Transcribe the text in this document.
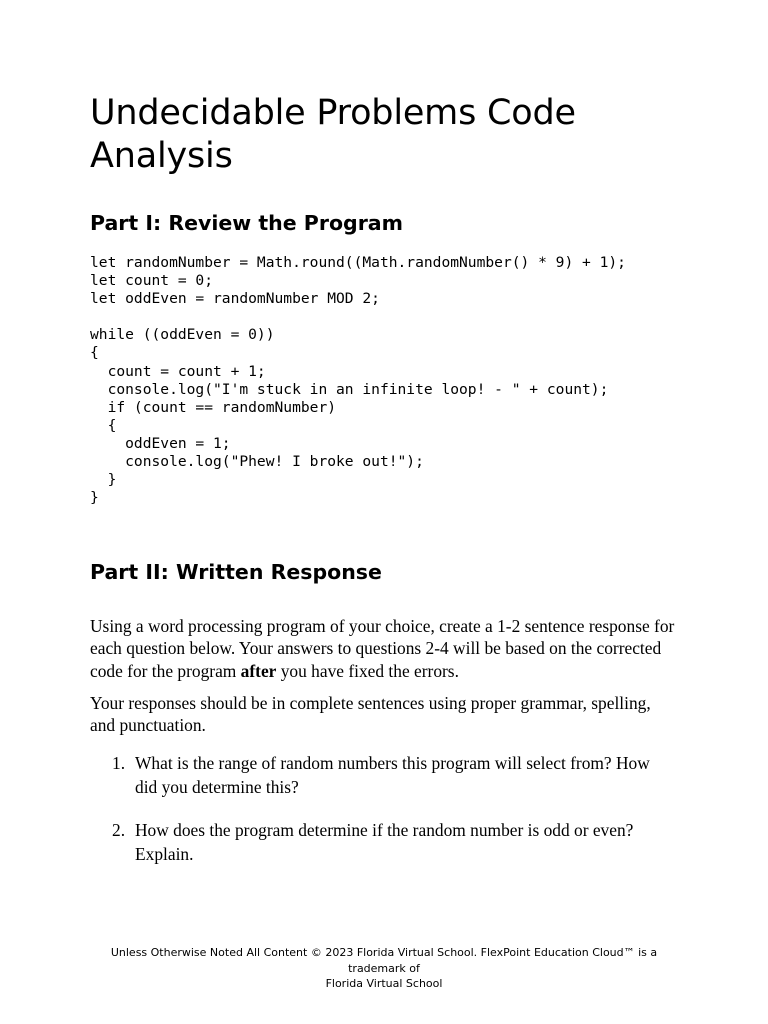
Undecidable Problems Code Analysis
Part I: Review the Program
let randomNumber = Math.round((Math.randomNumber() * 9) + 1);
let count = 0;
let oddEven = randomNumber MOD 2;
while ((oddEven = 0))
{
count = count + 1;
console.log("I'm stuck in an infinite loop! - " + count);
if (count == randomNumber)
{
oddEven = 1;
console.log("Phew! I broke out!");
}
}
Part II: Written Response

Using a word processing program of your choice, create a 1-2 sentence response for each question below. Your answers to questions 2-4 will be based on the corrected code for the program after you have fixed the errors.

Your responses should be in complete sentences using proper grammar, spelling, and punctuation.

1. What is the range of random numbers this program will select from? How did you determine this?
2. How does the program determine if the random number is odd or even? Explain.
Unless Otherwise Noted All Content © 2023 Florida Virtual School. FlexPoint Education Cloud™ is a trademark of
Florida Virtual School
